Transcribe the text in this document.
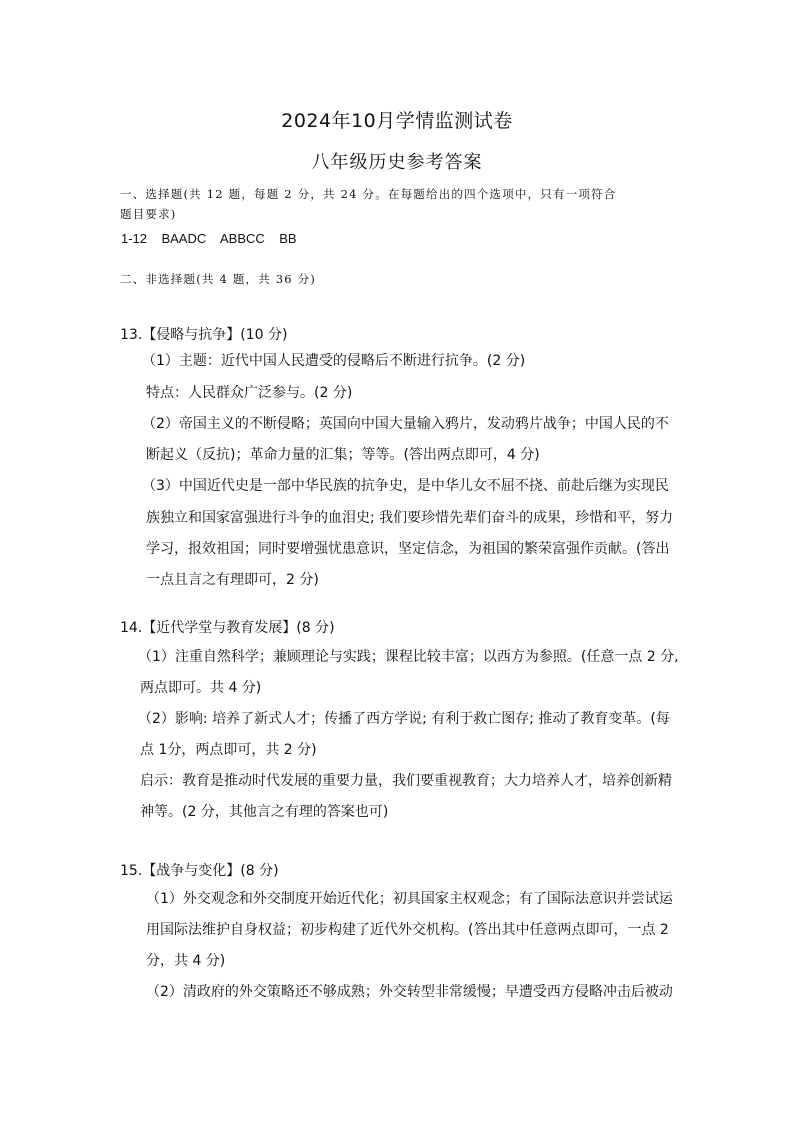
2024年10月学情监测试卷
八年级历史参考答案
一、选择题(共 12 题，每题 2 分，共 24 分。在每题给出的四个选项中，只有一项符合
题目要求)
1-12    BAADC    ABBCC    BB
二、非选择题(共 4 题，共 36 分)
13.【侵略与抗争】(10 分)
（1）主题：近代中国人民遭受的侵略后不断进行抗争。(2 分)
特点：人民群众广泛参与。(2 分)
（2）帝国主义的不断侵略；英国向中国大量输入鸦片，发动鸦片战争；中国人民的不
断起义（反抗)；革命力量的汇集；等等。(答出两点即可，4 分)
（3）中国近代史是一部中华民族的抗争史，是中华儿女不屈不挠、前赴后继为实现民
族独立和国家富强进行斗争的血泪史; 我们要珍惜先辈们奋斗的成果，珍惜和平，努力
学习，报效祖国；同时要增强忧患意识，坚定信念，为祖国的繁荣富强作贡献。(答出
一点且言之有理即可，2 分)
14.【近代学堂与教育发展】(8 分)
（1）注重自然科学；兼顾理论与实践；课程比较丰富；以西方为参照。(任意一点 2 分,
两点即可。共 4 分)
（2）影响: 培养了新式人才；传播了西方学说; 有利于救亡图存; 推动了教育变革。(每
点 1分，两点即可，共 2 分)
启示：教育是推动时代发展的重要力量，我们要重视教育；大力培养人才，培养创新精
神等。(2 分，其他言之有理的答案也可)
15.【战争与变化】(8 分)
（1）外交观念和外交制度开始近代化；初具国家主权观念；有了国际法意识并尝试运
用国际法维护自身权益；初步构建了近代外交机构。(答出其中任意两点即可，一点 2
分，共 4 分)
（2）清政府的外交策略还不够成熟；外交转型非常缓慢；早遭受西方侵略冲击后被动
